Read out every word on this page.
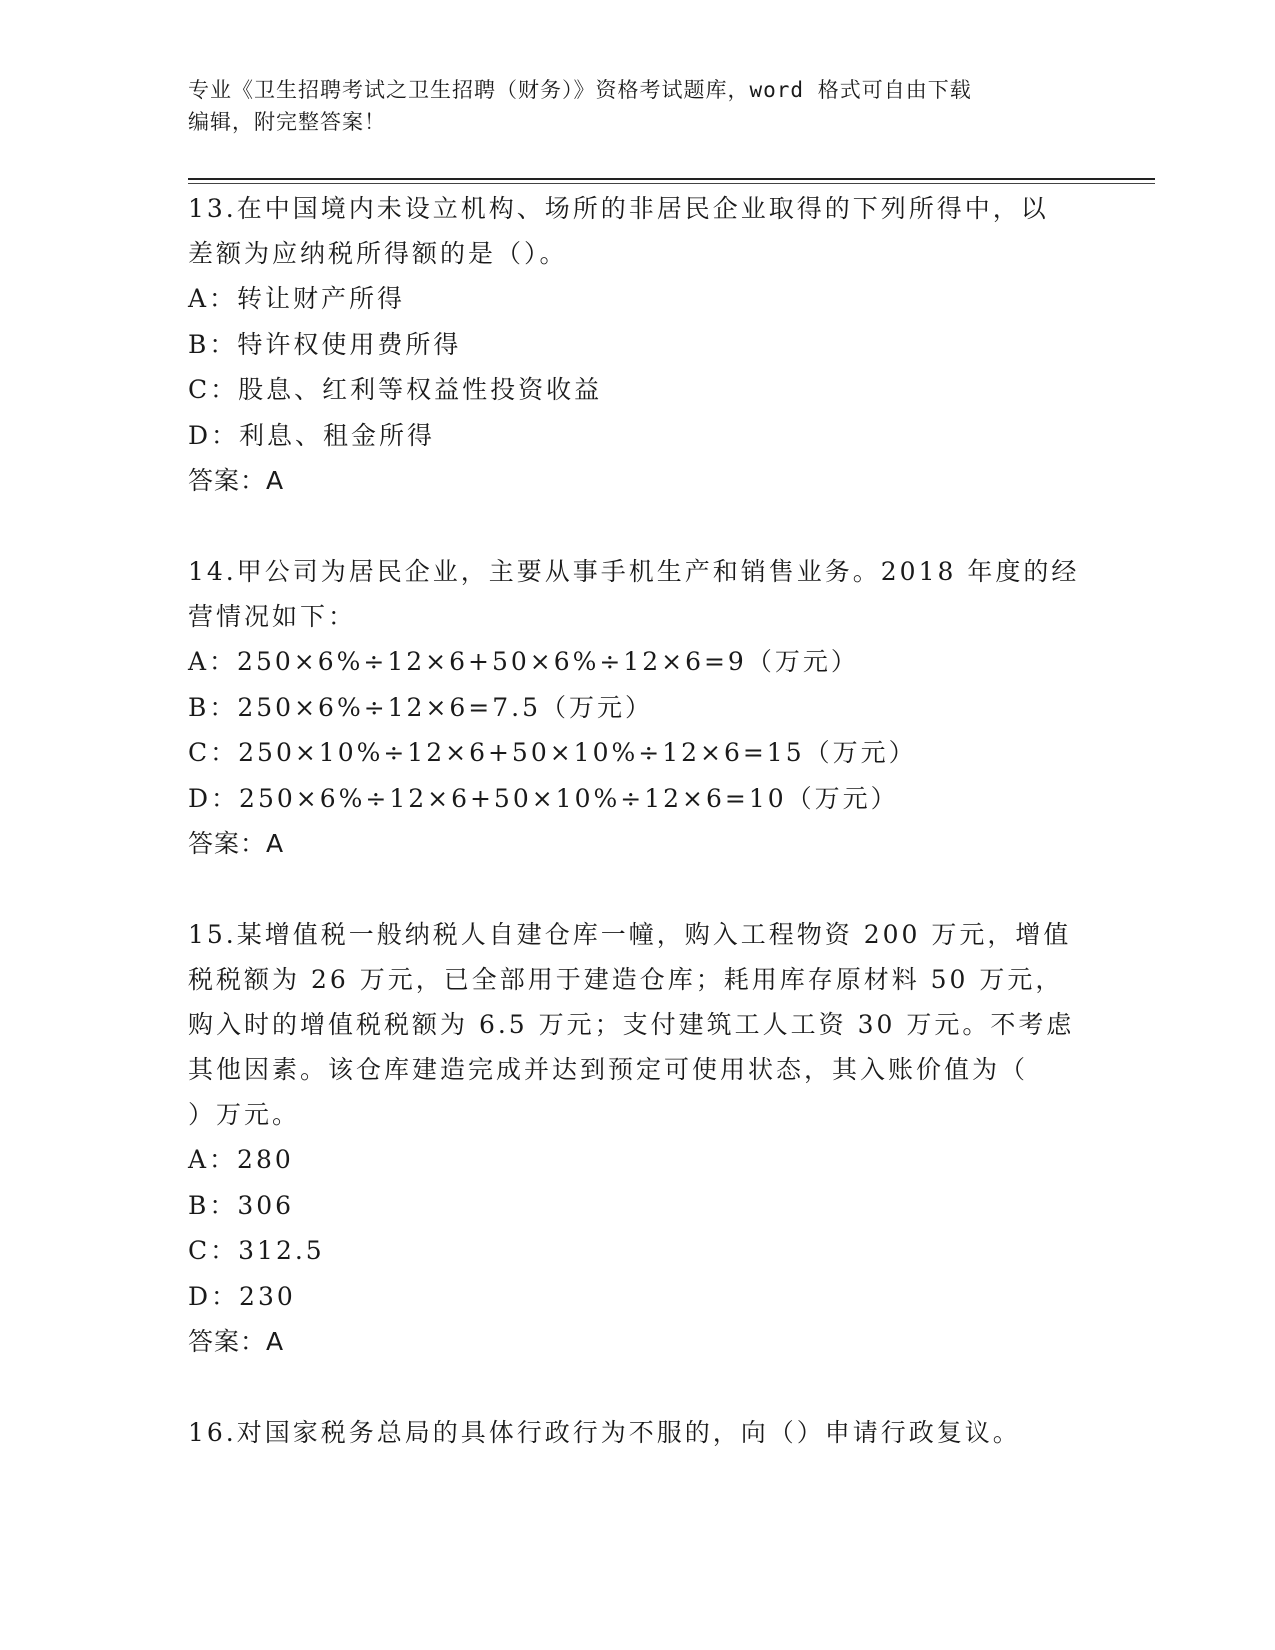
专业《卫生招聘考试之卫生招聘（财务）》资格考试题库，word 格式可自由下载
编辑，附完整答案！

13.在中国境内未设立机构、场所的非居民企业取得的下列所得中，以

差额为应纳税所得额的是（）。

A：转让财产所得

B：特许权使用费所得

C：股息、红利等权益性投资收益

D：利息、租金所得

答案：A

14.甲公司为居民企业，主要从事手机生产和销售业务。2018 年度的经

营情况如下：

A：250×6%÷12×6+50×6%÷12×6=9（万元）

B：250×6%÷12×6=7.5（万元）

C：250×10%÷12×6+50×10%÷12×6=15（万元）

D：250×6%÷12×6+50×10%÷12×6=10（万元）

答案：A

15.某增值税一般纳税人自建仓库一幢，购入工程物资 200 万元，增值

税税额为 26 万元，已全部用于建造仓库；耗用库存原材料 50 万元，

购入时的增值税税额为 6.5 万元；支付建筑工人工资 30 万元。不考虑

其他因素。该仓库建造完成并达到预定可使用状态，其入账价值为（

）万元。

A：280

B：306

C：312.5

D：230

答案：A

16.对国家税务总局的具体行政行为不服的，向（）申请行政复议。
